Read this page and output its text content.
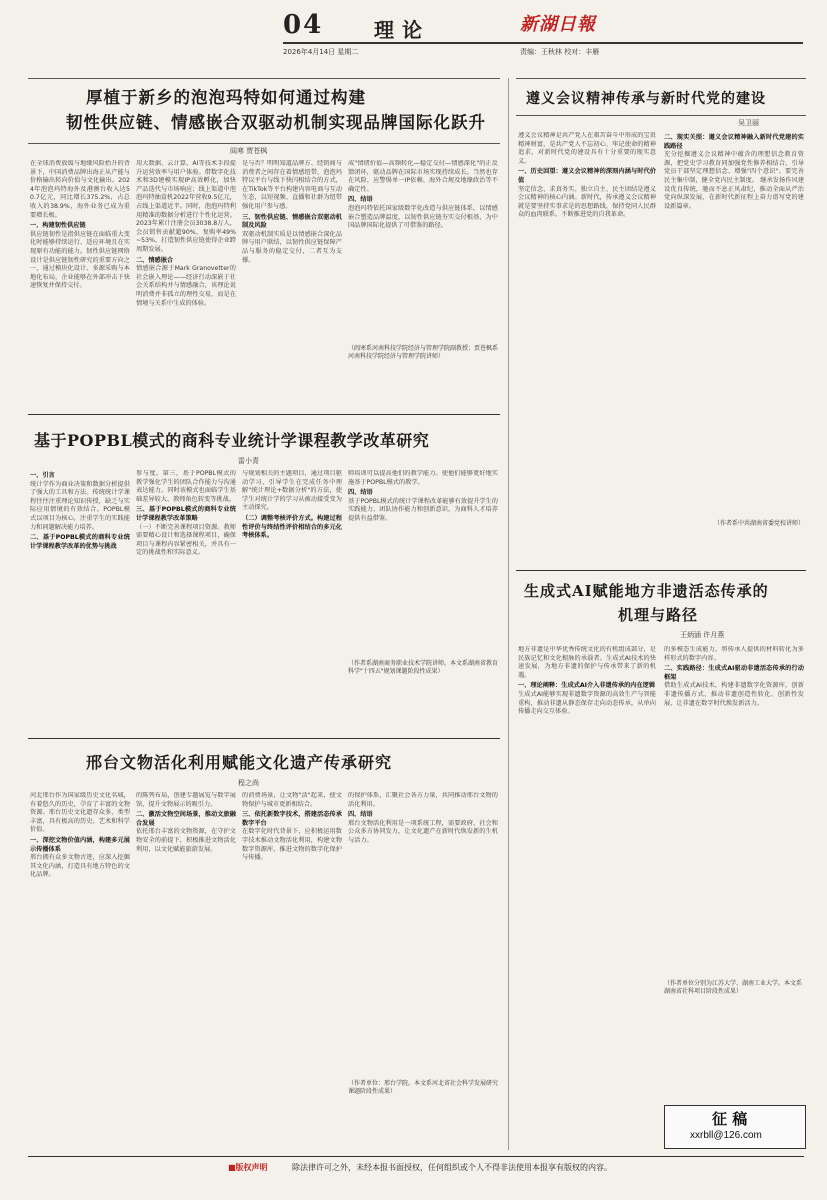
04	理论	新湖日報
2026年4月14日 星期二	责编：王秋林 校对：丰雁
厚植于新乡的泡泡玛特如何通过构建
韧性供应链、情感嵌合双驱动机制实现品牌国际化跃升
阎寒 贾苍枫
在全球消费放缓与地缘风险抬升的背景下，中国消费品牌出海正从产能与价格输出转向价值与文化输出。2024年泡泡玛特海外及港澳台收入达50.7亿元，同比增长375.2%，占总收入的38.9%，海外业务已成为重要增长极。
一、构建韧性供应链
供应链韧性是指供应链在面临重大变化时能够持续运行、适应环境且在实现原有功能的能力。韧性供应链网络设计是供应链韧性研究的重要方向之一，通过模块化设计、多源采购与本地化布局，企业能够在外部冲击下快速恢复并保持交付。
用大数据、云计算、AI等技术手段提升运营效率与用户体验。借数字化技术和3D建模实现IP高效孵化，加快产品迭代与市场响应；线上渠道中泡泡玛特抽盒机2022年营收9.5亿元，占线上渠道近半。同时，泡泡玛特利用精准的数据分析进行个性化运营。2023年累计注册会员3038.8万人，会员销售贡献超90%，复购率49%~53%，打造韧性供应链使得企业跨周期发展。
二、情感嵌合
情感嵌合源于Mark Granovetter的社会嵌入理论——经济行动深嵌于社会关系结构并与情感融合，该理论说明消费并非孤立的理性交易，而是在情境与关系中生成的体验。
是与否？明明知道品牌方、经销商与消费者之间存在着情感纽带，泡泡玛特以平台与线下快闪相结合的方式，在TikTok等平台构建内容电商与互动生态，以短视频、直播和社群为纽带强化用户参与感。
三、韧性供应链、情感嵌合双驱动机制及风险
双驱动机制实质是以情感嵌合深化品牌与用户联结，以韧性供应链保障产品与服务的稳定交付，二者互为支撑。
成"情绪价值—高频转化—稳定交付—情感深化"的正反馈闭环，驱动品牌在国际市场实现持续成长。当然也存在风险，应警惕单一IP依赖、海外合规及地缘政治等不确定性。
四、结语
泡泡玛特依托国家级数字化改造与供应链体系，以情感嵌合塑造品牌温度，以韧性供应链夯实交付根基，为中国品牌国际化提供了可借鉴的路径。
（阎寒系河南科技学院经济与管理学院副教授；贾苍枫系河南科技学院经济与管理学院讲师）
遵义会议精神传承与新时代党的建设
吴卫丽
遵义会议精神是共产党人在艰苦奋斗中形成的宝贵精神财富，是共产党人不忘初心、牢记使命的精神追求，对新时代党的建设具有十分重要的现实意义。
一、历史回望：遵义会议精神的深刻内涵与时代价值
坚定信念、求真务实、独立自主、民主团结是遵义会议精神的核心内涵。新时代，传承遵义会议精神就是要坚持实事求是的思想路线，保持党同人民群众的血肉联系，不断推进党的自我革命。
二、现实关照：遵义会议精神融入新时代党建的实践路径
充分挖掘遵义会议精神中蕴含的理想信念教育资源，把党史学习教育同加强党性修养相结合，引导党员干部坚定理想信念、增强"四个意识"。要完善民主集中制，健全党内民主制度。 继承发扬作风建设优良传统，驰而不息正风肃纪，推动全面从严治党向纵深发展，在新时代新征程上奋力谱写党的建设新篇章。
（作者系中共湖南省委党校讲师）
基于POPBL模式的商科专业统计学课程教学改革研究
雷小青
一、引言
统计学作为商业决策和数据分析提供了强大的工具和方法。传统统计学课程往往注重理论知识传授，缺乏与实际应用情境的有效结合。POPBL模式以项目为核心，注重学生的实践能力和问题解决能力培养。
二、基于POPBL模式的商科专业统计学课程教学改革的优势与挑战
参与度。第三，基于POPBL模式的教学强化学生的团队合作能力与沟通表达能力。同时该模式也面临学生基础差异较大、教师角色转变等挑战。
三、基于POPBL模式的商科专业统计学课程教学改革策略
（一）不断完善课程项目资源。教师需要精心设计和选择课程项目，确保项目与课程内容紧密相关，并具有一定的挑战性和实际意义。
与规划相关的主题项目，通过项目驱动学习，引导学生在完成任务中理解"统计理论+数据分析"的方法，使学生对统计学的学习从被动接受变为主动探究。
（二）调整考核评价方式。构建过程性评价与终结性评价相结合的多元化考核体系。
师培训可以提高他们的教学能力。使他们能够更好地实施基于POPBL模式的教学。
四、结语
基于POPBL模式的统计学课程改革能够有效提升学生的实践能力、团队协作能力和创新意识，为商科人才培养提供有益借鉴。
（作者系湖南商务职业技术学院讲师。本文系湖南省教育科学"十四五"规划课题阶段性成果）
生成式AI赋能地方非遗活态传承的
机理与路径
王炳涵 许月燕
地方非遗是中华优秀传统文化的有机组成部分，是民族记忆和文化根脉的承载者。生成式AI技术的快速发展，为地方非遗的保护与传承带来了新的机遇。
一、理论阐释：生成式AI介入非遗传承的内在逻辑
生成式AI能够实现非遗数字资源的高效生产与智能重构，推动非遗从静态保存走向动态传承，从单向传播走向交互体验。
的多模态生成能力，将传承人提供的材料转化为多样形式的数字内容。
二、实践路径：生成式AI驱动非遗活态传承的行动框架
借助生成式AI技术，构建非遗数字化资源库，创新非遗传播方式，推动非遗创造性转化、创新性发展，让非遗在数字时代焕发新活力。
（作者单位分别为江苏大学、湖南工业大学。本文系湖南省社科项目阶段性成果）
征 稿
xxrbll@126.com
邢台文物活化利用赋能文化遗产传承研究
程之尚
河北邢台作为国家级历史文化名城，有着悠久的历史，孕育了丰富的文物资源。邢台历史文化遗存众多，类型丰富，具有极高的历史、艺术和科学价值。
一、深挖文物价值内涵，构建多元展示传播体系
邢台拥有众多文物古迹，应深入挖掘其文化内涵，打造具有地方特色的文化品牌。
的陈列布局，创建专题展览与数字展馆，提升文物展示的吸引力。
二、激活文物空间场景，推动文旅融合发展
依托邢台丰富的文物资源，在守护文物安全的前提下，积极推进文物活化利用，以文化赋能旅游发展。
的消费场景，让文物"活"起来，使文物保护与城市更新相结合。
三、依托新数字技术，搭建活态传承数字平台
在数字化时代背景下，应积极运用数字技术推动文物活化利用，构建文物数字资源库，推进文物的数字化保护与传播。
的保护体系，汇聚社会各方力量，共同推动邢台文物的活化利用。
四、结语
邢台文物活化利用是一项系统工程，需要政府、社会和公众多方协同发力，让文化遗产在新时代焕发新的生机与活力。
（作者单位：邢台学院。本文系河北省社会科学发展研究课题阶段性成果）
■版权声明	除法律许可之外，未经本报书面授权，任何组织或个人不得非法使用本报享有版权的内容。
